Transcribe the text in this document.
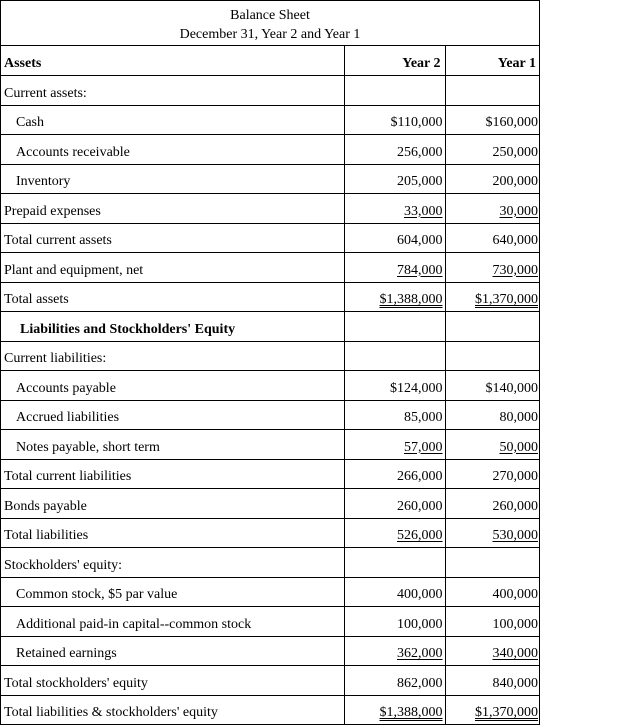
Balance Sheet
December 31, Year 2 and Year 1
Assets	Year 2	Year 1
Current assets:		
Cash	$110,000	$160,000
Accounts receivable	256,000	250,000
Inventory	205,000	200,000
Prepaid expenses	33,000	30,000
Total current assets	604,000	640,000
Plant and equipment, net	784,000	730,000
Total assets	$1,388,000	$1,370,000
Liabilities and Stockholders' Equity		
Current liabilities:		
Accounts payable	$124,000	$140,000
Accrued liabilities	85,000	80,000
Notes payable, short term	57,000	50,000
Total current liabilities	266,000	270,000
Bonds payable	260,000	260,000
Total liabilities	526,000	530,000
Stockholders' equity:		
Common stock, $5 par value	400,000	400,000
Additional paid-in capital--common stock	100,000	100,000
Retained earnings	362,000	340,000
Total stockholders' equity	862,000	840,000
Total liabilities & stockholders' equity	$1,388,000	$1,370,000
